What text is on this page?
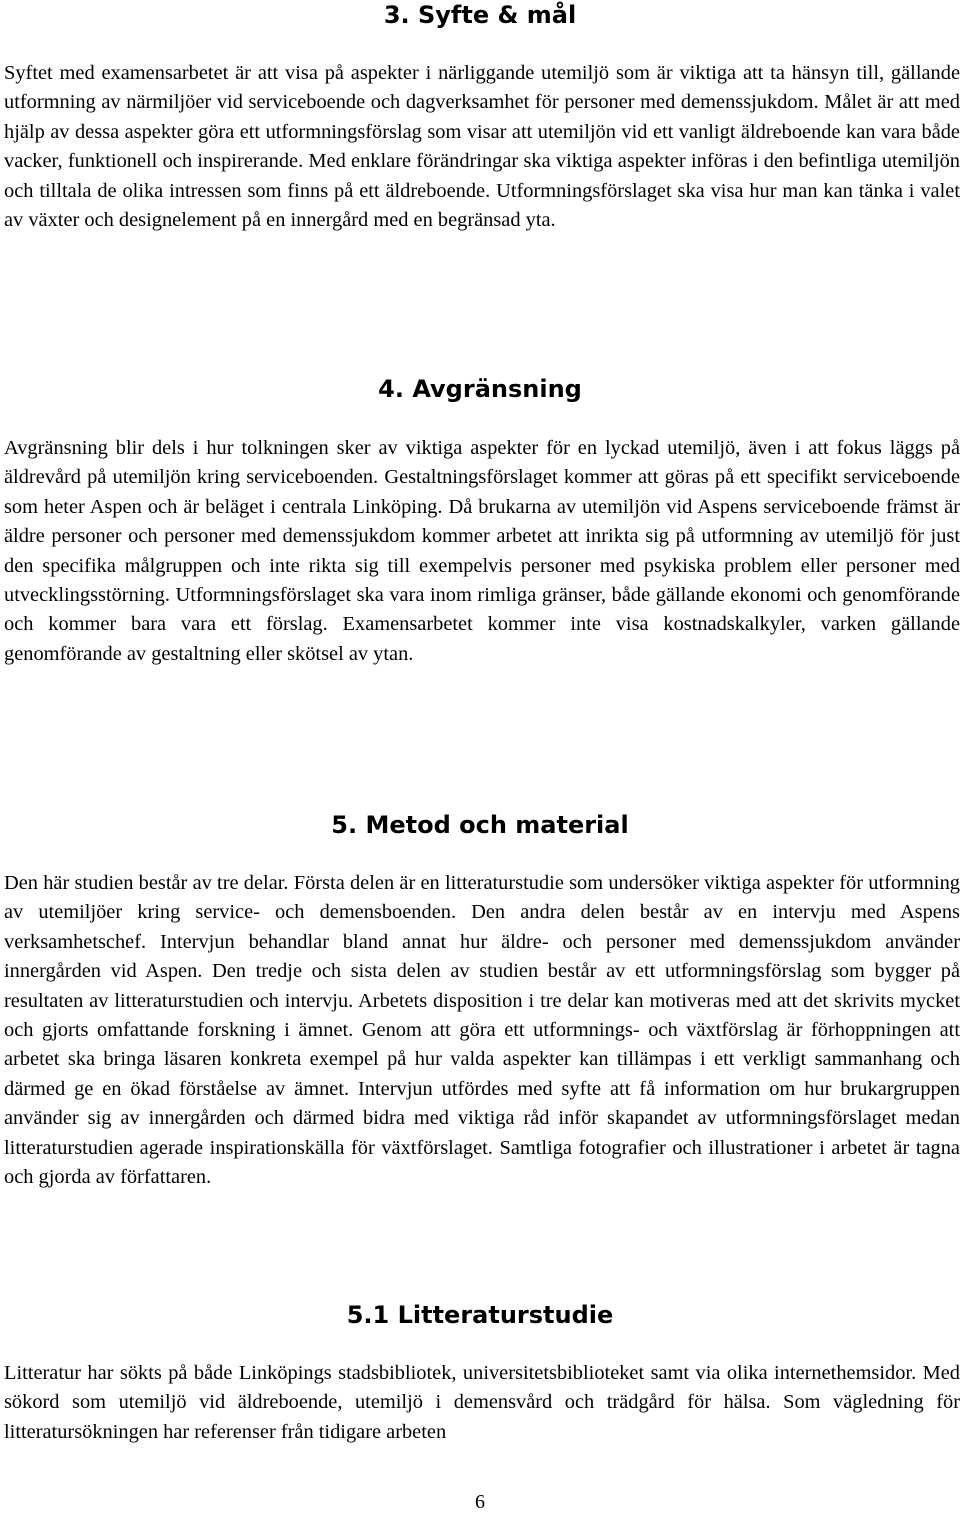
3. Syfte & mål

Syftet med examensarbetet är att visa på aspekter i närliggande utemiljö som är viktiga att ta hänsyn till, gällande utformning av närmiljöer vid serviceboende och dagverksamhet för personer med demenssjukdom. Målet är att med hjälp av dessa aspekter göra ett utformningsförslag som visar att utemiljön vid ett vanligt äldreboende kan vara både vacker, funktionell och inspirerande. Med enklare förändringar ska viktiga aspekter införas i den befintliga utemiljön och tilltala de olika intressen som finns på ett äldreboende. Utformningsförslaget ska visa hur man kan tänka i valet av växter och designelement på en innergård med en begränsad yta.

4. Avgränsning

Avgränsning blir dels i hur tolkningen sker av viktiga aspekter för en lyckad utemiljö, även i att fokus läggs på äldrevård på utemiljön kring serviceboenden. Gestaltningsförslaget kommer att göras på ett specifikt serviceboende som heter Aspen och är beläget i centrala Linköping. Då brukarna av utemiljön vid Aspens serviceboende främst är äldre personer och personer med demenssjukdom kommer arbetet att inrikta sig på utformning av utemiljö för just den specifika målgruppen och inte rikta sig till exempelvis personer med psykiska problem eller personer med utvecklingsstörning. Utformningsförslaget ska vara inom rimliga gränser, både gällande ekonomi och genomförande och kommer bara vara ett förslag. Examensarbetet kommer inte visa kostnadskalkyler, varken gällande genomförande av gestaltning eller skötsel av ytan.

5. Metod och material

Den här studien består av tre delar. Första delen är en litteraturstudie som undersöker viktiga aspekter för utformning av utemiljöer kring service- och demensboenden. Den andra delen består av en intervju med Aspens verksamhetschef. Intervjun behandlar bland annat hur äldre- och personer med demenssjukdom använder innergården vid Aspen. Den tredje och sista delen av studien består av ett utformningsförslag som bygger på resultaten av litteraturstudien och intervju. Arbetets disposition i tre delar kan motiveras med att det skrivits mycket och gjorts omfattande forskning i ämnet. Genom att göra ett utformnings- och växtförslag är förhoppningen att arbetet ska bringa läsaren konkreta exempel på hur valda aspekter kan tillämpas i ett verkligt sammanhang och därmed ge en ökad förståelse av ämnet. Intervjun utfördes med syfte att få information om hur brukargruppen använder sig av innergården och därmed bidra med viktiga råd inför skapandet av utformningsförslaget medan litteraturstudien agerade inspirationskälla för växtförslaget. Samtliga fotografier och illustrationer i arbetet är tagna och gjorda av författaren.

5.1 Litteraturstudie

Litteratur har sökts på både Linköpings stadsbibliotek, universitetsbiblioteket samt via olika internethemsidor. Med sökord som utemiljö vid äldreboende, utemiljö i demensvård och trädgård för hälsa. Som vägledning för litteratursökningen har referenser från tidigare arbeten

6
